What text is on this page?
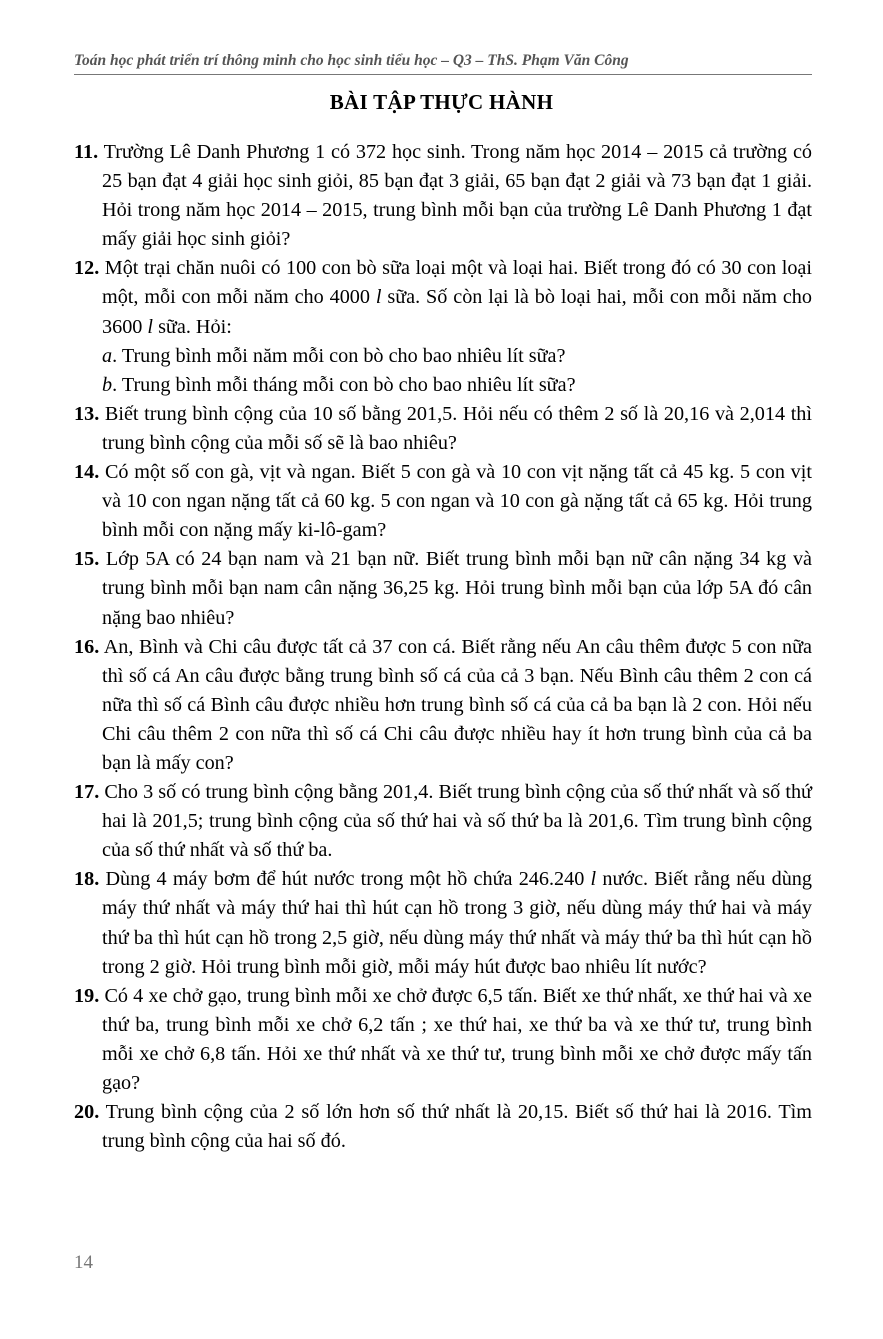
Toán học phát triển trí thông minh cho học sinh tiểu học – Q3 – ThS. Phạm Văn Công
BÀI TẬP THỰC HÀNH

11. Trường Lê Danh Phương 1 có 372 học sinh. Trong năm học 2014 – 2015 cả trường có 25 bạn đạt 4 giải học sinh giỏi, 85 bạn đạt 3 giải, 65 bạn đạt 2 giải và 73 bạn đạt 1 giải. Hỏi trong năm học 2014 – 2015, trung bình mỗi bạn của trường Lê Danh Phương 1 đạt mấy giải học sinh giỏi?

12. Một trại chăn nuôi có 100 con bò sữa loại một và loại hai. Biết trong đó có 30 con loại một, mỗi con mỗi năm cho 4000 l sữa. Số còn lại là bò loại hai, mỗi con mỗi năm cho 3600 l sữa. Hỏi:

a. Trung bình mỗi năm mỗi con bò cho bao nhiêu lít sữa?

b. Trung bình mỗi tháng mỗi con bò cho bao nhiêu lít sữa?

13. Biết trung bình cộng của 10 số bằng 201,5. Hỏi nếu có thêm 2 số là 20,16 và 2,014 thì trung bình cộng của mỗi số sẽ là bao nhiêu?

14. Có một số con gà, vịt và ngan. Biết 5 con gà và 10 con vịt nặng tất cả 45 kg. 5 con vịt và 10 con ngan nặng tất cả 60 kg. 5 con ngan và 10 con gà nặng tất cả 65 kg. Hỏi trung bình mỗi con nặng mấy ki-lô-gam?

15. Lớp 5A có 24 bạn nam và 21 bạn nữ. Biết trung bình mỗi bạn nữ cân nặng 34 kg và trung bình mỗi bạn nam cân nặng 36,25 kg. Hỏi trung bình mỗi bạn của lớp 5A đó cân nặng bao nhiêu?

16. An, Bình và Chi câu được tất cả 37 con cá. Biết rằng nếu An câu thêm được 5 con nữa thì số cá An câu được bằng trung bình số cá của cả 3 bạn. Nếu Bình câu thêm 2 con cá nữa thì số cá Bình câu được nhiều hơn trung bình số cá của cả ba bạn là 2 con. Hỏi nếu Chi câu thêm 2 con nữa thì số cá Chi câu được nhiều hay ít hơn trung bình của cả ba bạn là mấy con?

17. Cho 3 số có trung bình cộng bằng 201,4. Biết trung bình cộng của số thứ nhất và số thứ hai là 201,5; trung bình cộng của số thứ hai và số thứ ba là 201,6. Tìm trung bình cộng của số thứ nhất và số thứ ba.

18. Dùng 4 máy bơm để hút nước trong một hồ chứa 246.240 l nước. Biết rằng nếu dùng máy thứ nhất và máy thứ hai thì hút cạn hồ trong 3 giờ, nếu dùng máy thứ hai và máy thứ ba thì hút cạn hồ trong 2,5 giờ, nếu dùng máy thứ nhất và máy thứ ba thì hút cạn hồ trong 2 giờ. Hỏi trung bình mỗi giờ, mỗi máy hút được bao nhiêu lít nước?

19. Có 4 xe chở gạo, trung bình mỗi xe chở được 6,5 tấn. Biết xe thứ nhất, xe thứ hai và xe thứ ba, trung bình mỗi xe chở 6,2 tấn ; xe thứ hai, xe thứ ba và xe thứ tư, trung bình mỗi xe chở 6,8 tấn. Hỏi xe thứ nhất và xe thứ tư, trung bình mỗi xe chở được mấy tấn gạo?

20. Trung bình cộng của 2 số lớn hơn số thứ nhất là 20,15. Biết số thứ hai là 2016. Tìm trung bình cộng của hai số đó.

14
